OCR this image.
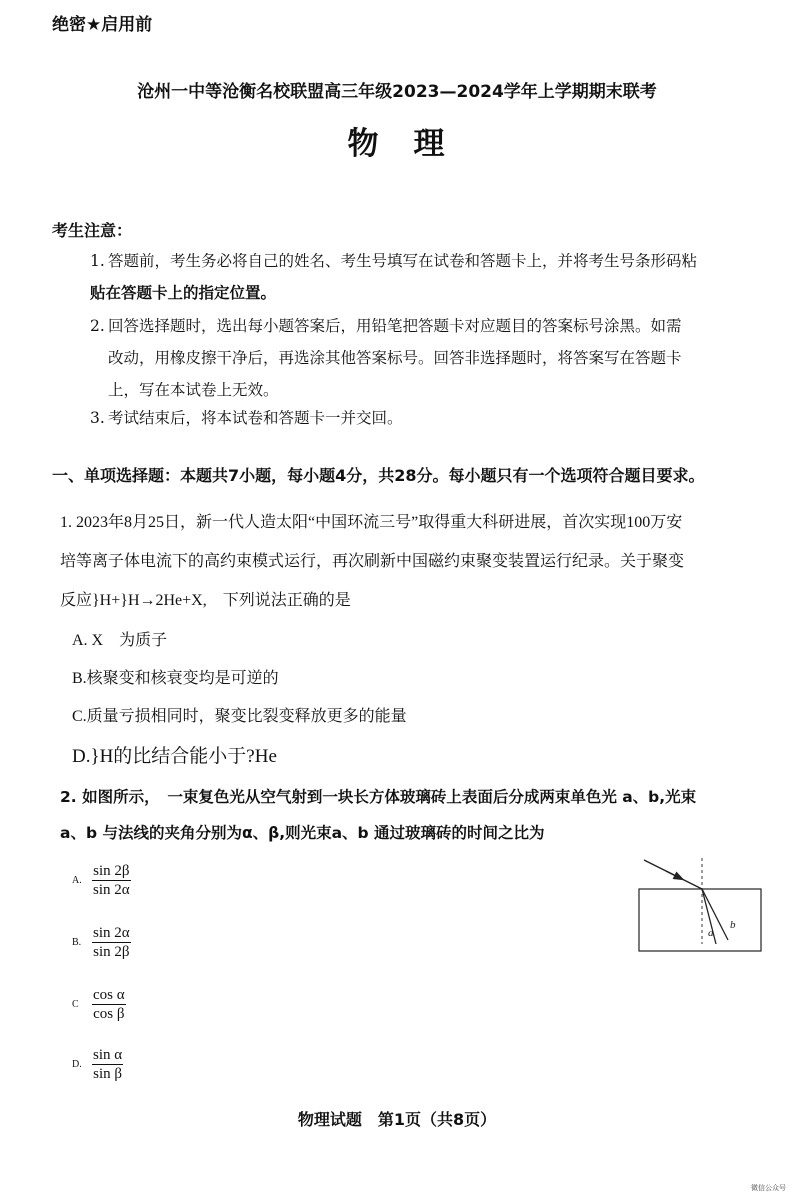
绝密★启用前
沧州一中等沧衡名校联盟高三年级2023—2024学年上学期期末联考
物　理
考生注意：
1. 答题前，考生务必将自己的姓名、考生号填写在试卷和答题卡上，并将考生号条形码粘
贴在答题卡上的指定位置。
2. 回答选择题时，选出每小题答案后，用铅笔把答题卡对应题目的答案标号涂黑。如需
改动，用橡皮擦干净后，再选涂其他答案标号。回答非选择题时，将答案写在答题卡
上，写在本试卷上无效。
3. 考试结束后，将本试卷和答题卡一并交回。
一、单项选择题：本题共7小题，每小题4分，共28分。每小题只有一个选项符合题目要求。
1. 2023年8月25日，新一代人造太阳“中国环流三号”取得重大科研进展，首次实现100万安
培等离子体电流下的高约束模式运行，再次刷新中国磁约束聚变装置运行纪录。关于聚变
反应}H+}H→2He+X,　下列说法正确的是
A. X　为质子
B.核聚变和核衰变均是可逆的
C.质量亏损相同时，聚变比裂变释放更多的能量
D.}H的比结合能小于?He
2. 如图所示，　一束复色光从空气射到一块长方体玻璃砖上表面后分成两束单色光 a、b,光束
a、b 与法线的夹角分别为α、β,则光束a、b 通过玻璃砖的时间之比为
A. $\frac{\sin 2\beta}{\sin 2\alpha}$
B. $\frac{\sin 2\alpha}{\sin 2\beta}$
C $\frac{\text{cos α}}{\text{cos β}}$
D. $\frac{\text{sin α}}{\text{sin β}}$
a
b
物理试题　第1页（共8页）
微信公众号
